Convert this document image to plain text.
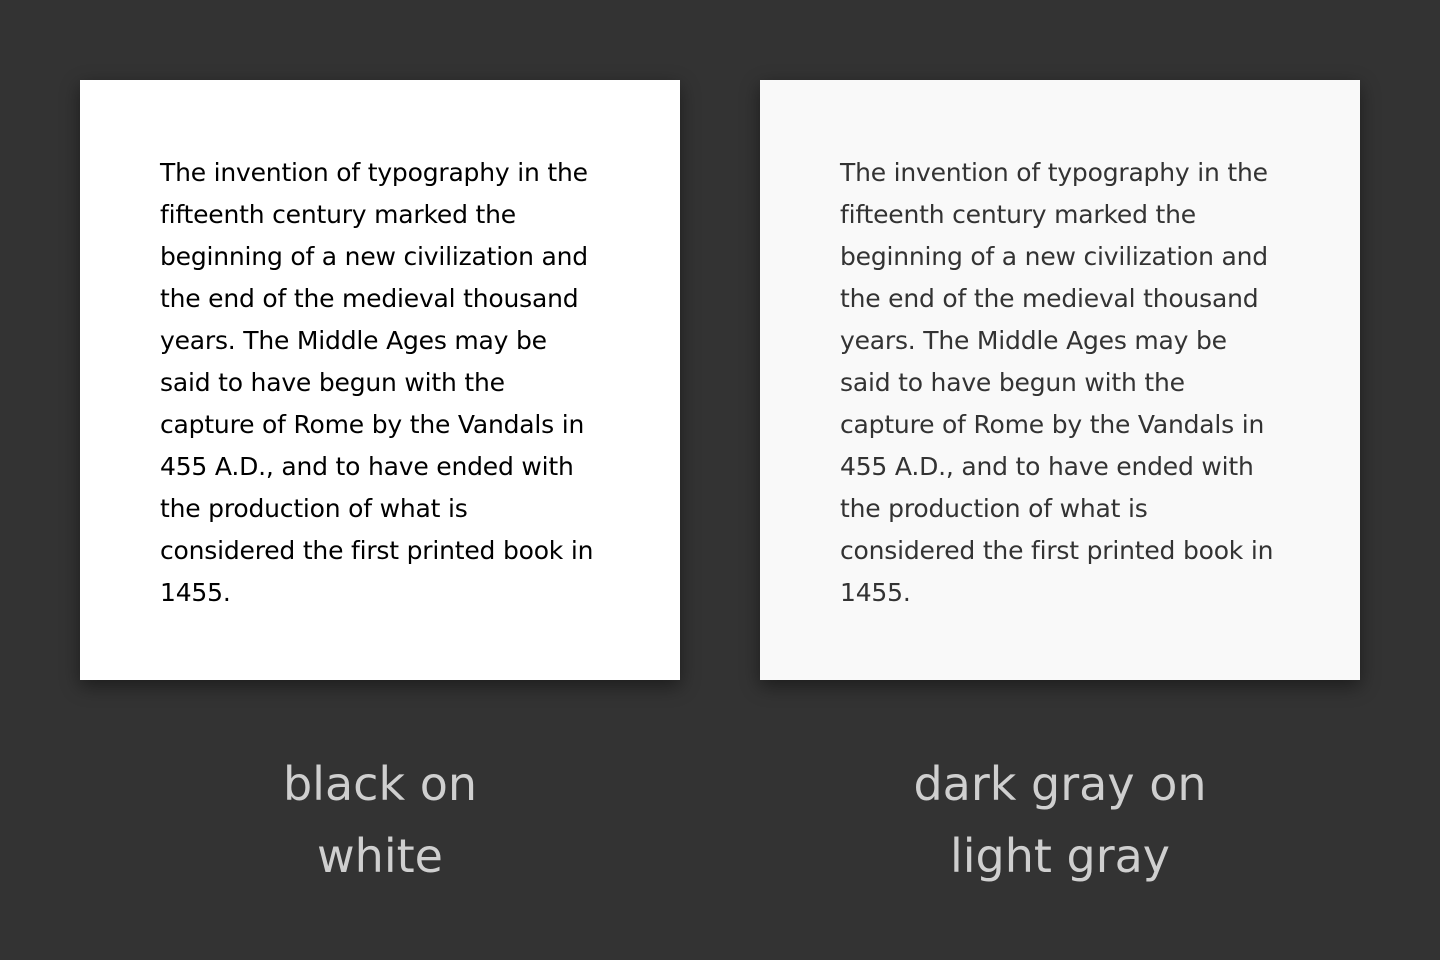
The invention of typography in the fifteenth century marked the beginning of a new civilization and the end of the medieval thousand years. The Middle Ages may be said to have begun with the capture of Rome by the Vandals in 455 A.D., and to have ended with the production of what is considered the first printed book in 1455.

The invention of typography in the fifteenth century marked the beginning of a new civilization and the end of the medieval thousand years. The Middle Ages may be said to have begun with the capture of Rome by the Vandals in 455 A.D., and to have ended with the production of what is considered the first printed book in 1455.

black on
white
dark gray on
light gray
